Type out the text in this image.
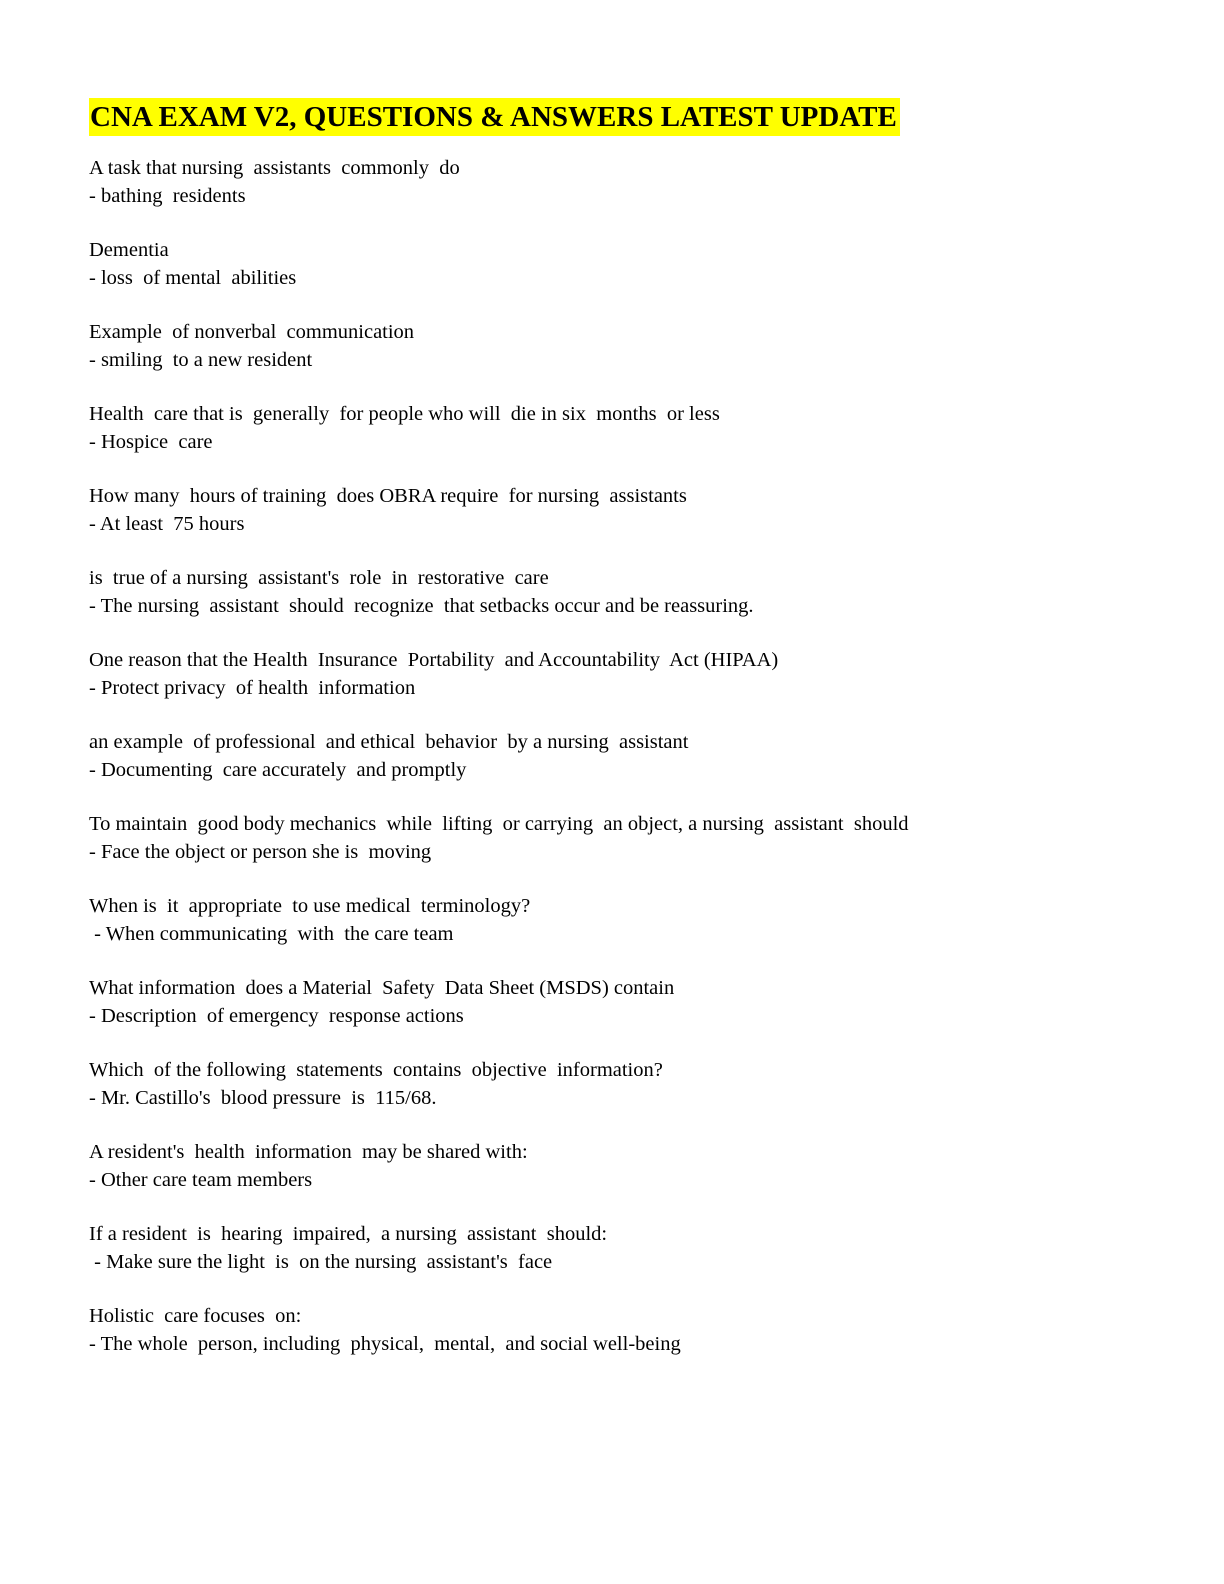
CNA EXAM V2, QUESTIONS & ANSWERS LATEST UPDATE

A task that nursing  assistants  commonly  do

- bathing  residents

Dementia

- loss  of mental  abilities

Example  of nonverbal  communication

- smiling  to a new resident

Health  care that is  generally  for people who will  die in six  months  or less

- Hospice  care

How many  hours of training  does OBRA require  for nursing  assistants

- At least  75 hours

is  true of a nursing  assistant's  role  in  restorative  care

- The nursing  assistant  should  recognize  that setbacks occur and be reassuring.

One reason that the Health  Insurance  Portability  and Accountability  Act (HIPAA)

- Protect privacy  of health  information

an example  of professional  and ethical  behavior  by a nursing  assistant

- Documenting  care accurately  and promptly

To maintain  good body mechanics  while  lifting  or carrying  an object, a nursing  assistant  should

- Face the object or person she is  moving

When is  it  appropriate  to use medical  terminology?

- When communicating  with  the care team

What information  does a Material  Safety  Data Sheet (MSDS) contain

- Description  of emergency  response actions

Which  of the following  statements  contains  objective  information?

- Mr. Castillo's  blood pressure  is  115/68.

A resident's  health  information  may be shared with:

- Other care team members

If a resident  is  hearing  impaired,  a nursing  assistant  should:

- Make sure the light  is  on the nursing  assistant's  face

Holistic  care focuses  on:

- The whole  person, including  physical,  mental,  and social well-being
